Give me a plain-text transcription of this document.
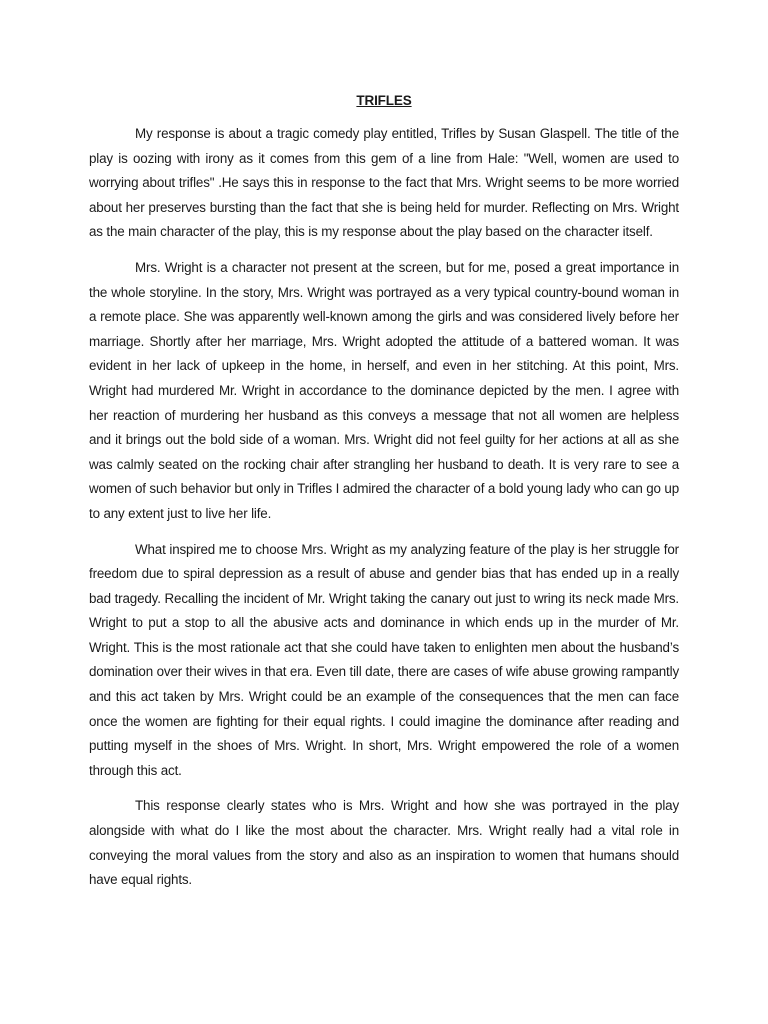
TRIFLES

My response is about a tragic comedy play entitled, Trifles by Susan Glaspell. The title of the play is oozing with irony as it comes from this gem of a line from Hale: "Well, women are used to worrying about trifles" .He says this in response to the fact that Mrs. Wright seems to be more worried about her preserves bursting than the fact that she is being held for murder. Reflecting on Mrs. Wright as the main character of the play, this is my response about the play based on the character itself.

Mrs. Wright is a character not present at the screen, but for me, posed a great importance in the whole storyline. In the story, Mrs. Wright was portrayed as a very typical country-bound woman in a remote place. She was apparently well-known among the girls and was considered lively before her marriage. Shortly after her marriage, Mrs. Wright adopted the attitude of a battered woman. It was evident in her lack of upkeep in the home, in herself, and even in her stitching. At this point, Mrs. Wright had murdered Mr. Wright in accordance to the dominance depicted by the men. I agree with her reaction of murdering her husband as this conveys a message that not all women are helpless and it brings out the bold side of a woman. Mrs. Wright did not feel guilty for her actions at all as she was calmly seated on the rocking chair after strangling her husband to death. It is very rare to see a women of such behavior but only in Trifles I admired the character of a bold young lady who can go up to any extent just to live her life.

What inspired me to choose Mrs. Wright as my analyzing feature of the play is her struggle for freedom due to spiral depression as a result of abuse and gender bias that has ended up in a really bad tragedy. Recalling the incident of Mr. Wright taking the canary out just to wring its neck made Mrs. Wright to put a stop to all the abusive acts and dominance in which ends up in the murder of Mr. Wright. This is the most rationale act that she could have taken to enlighten men about the husband’s domination over their wives in that era. Even till date, there are cases of wife abuse growing rampantly and this act taken by Mrs. Wright could be an example of the consequences that the men can face once the women are fighting for their equal rights. I could imagine the dominance after reading and putting myself in the shoes of Mrs. Wright. In short, Mrs. Wright empowered the role of a women through this act.

This response clearly states who is Mrs. Wright and how she was portrayed in the play alongside with what do I like the most about the character. Mrs. Wright really had a vital role in conveying the moral values from the story and also as an inspiration to women that humans should have equal rights.
